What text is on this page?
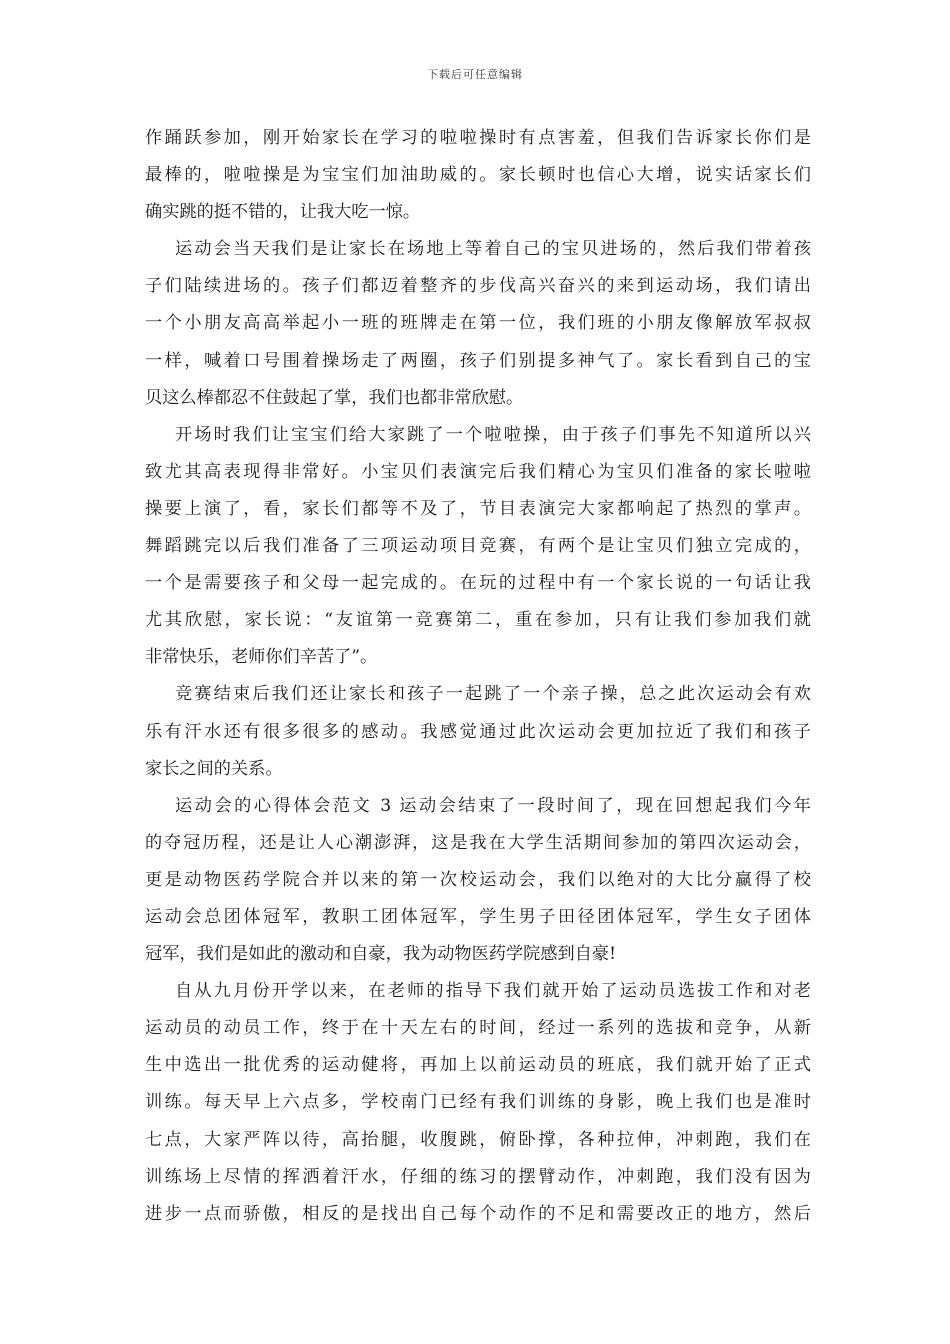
下载后可任意编辑
作踊跃参加，刚开始家长在学习的啦啦操时有点害羞，但我们告诉家长你们是
最棒的，啦啦操是为宝宝们加油助威的。家长顿时也信心大增，说实话家长们
确实跳的挺不错的，让我大吃一惊。
运动会当天我们是让家长在场地上等着自己的宝贝进场的，然后我们带着孩
子们陆续进场的。孩子们都迈着整齐的步伐高兴奋兴的来到运动场，我们请出
一个小朋友高高举起小一班的班牌走在第一位，我们班的小朋友像解放军叔叔
一样，喊着口号围着操场走了两圈，孩子们别提多神气了。家长看到自己的宝
贝这么棒都忍不住鼓起了掌，我们也都非常欣慰。
开场时我们让宝宝们给大家跳了一个啦啦操，由于孩子们事先不知道所以兴
致尤其高表现得非常好。小宝贝们表演完后我们精心为宝贝们准备的家长啦啦
操要上演了，看，家长们都等不及了，节目表演完大家都响起了热烈的掌声。
舞蹈跳完以后我们准备了三项运动项目竞赛，有两个是让宝贝们独立完成的，
一个是需要孩子和父母一起完成的。在玩的过程中有一个家长说的一句话让我
尤其欣慰，家长说：“友谊第一竞赛第二，重在参加，只有让我们参加我们就
非常快乐，老师你们辛苦了”。
竞赛结束后我们还让家长和孩子一起跳了一个亲子操，总之此次运动会有欢
乐有汗水还有很多很多的感动。我感觉通过此次运动会更加拉近了我们和孩子
家长之间的关系。
运动会的心得体会范文 3 运动会结束了一段时间了，现在回想起我们今年
的夺冠历程，还是让人心潮澎湃，这是我在大学生活期间参加的第四次运动会，
更是动物医药学院合并以来的第一次校运动会，我们以绝对的大比分赢得了校
运动会总团体冠军，教职工团体冠军，学生男子田径团体冠军，学生女子团体
冠军，我们是如此的激动和自豪，我为动物医药学院感到自豪!
自从九月份开学以来，在老师的指导下我们就开始了运动员选拔工作和对老
运动员的动员工作，终于在十天左右的时间，经过一系列的选拔和竞争，从新
生中选出一批优秀的运动健将，再加上以前运动员的班底，我们就开始了正式
训练。每天早上六点多，学校南门已经有我们训练的身影，晚上我们也是准时
七点，大家严阵以待，高抬腿，收腹跳，俯卧撑，各种拉伸，冲刺跑，我们在
训练场上尽情的挥洒着汗水，仔细的练习的摆臂动作，冲刺跑，我们没有因为
进步一点而骄傲，相反的是找出自己每个动作的不足和需要改正的地方，然后
